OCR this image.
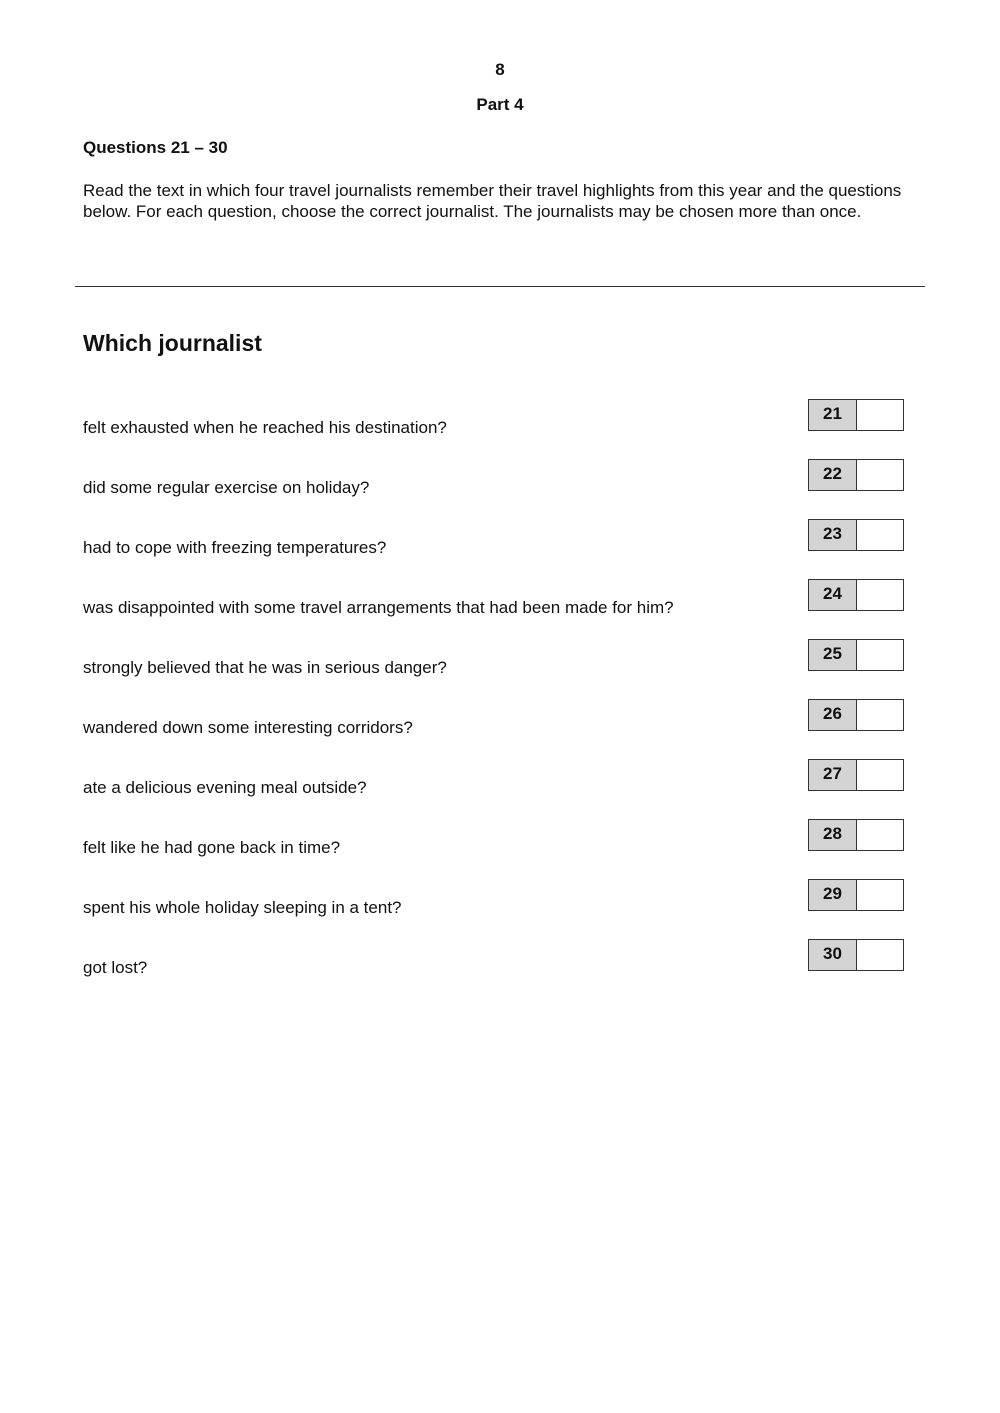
8
Part 4
Questions 21 – 30
Read the text in which four travel journalists remember their travel highlights from this year and the questions below. For each question, choose the correct journalist. The journalists may be chosen more than once.
Which journalist
felt exhausted when he reached his destination?
21
did some regular exercise on holiday?
22
had to cope with freezing temperatures?
23
was disappointed with some travel arrangements that had been made for him?
24
strongly believed that he was in serious danger?
25
wandered down some interesting corridors?
26
ate a delicious evening meal outside?
27
felt like he had gone back in time?
28
spent his whole holiday sleeping in a tent?
29
got lost?
30
